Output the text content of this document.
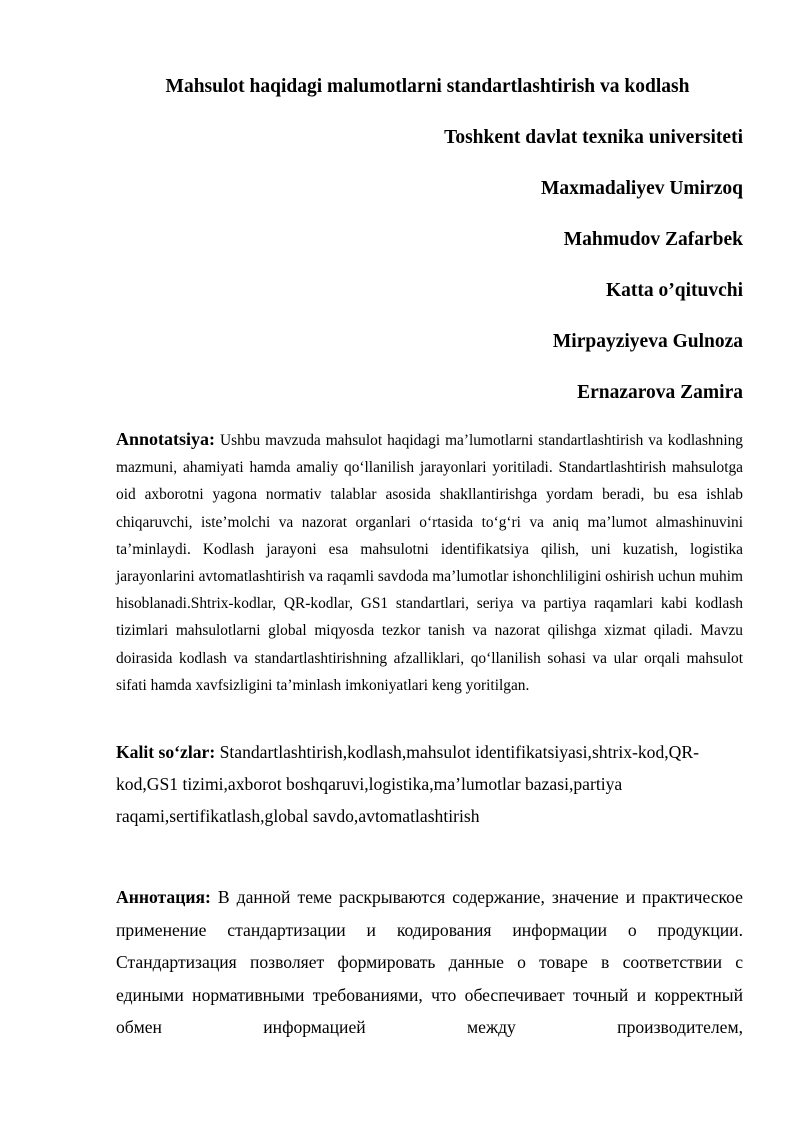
Mahsulot haqidagi malumotlarni standartlashtirish va kodlash
Toshkent davlat texnika universiteti
Maxmadaliyev Umirzoq
Mahmudov Zafarbek
Katta o’qituvchi
Mirpayziyeva Gulnoza
Ernazarova Zamira

Annotatsiya: Ushbu mavzuda mahsulot haqidagi ma’lumotlarni standartlashtirish va kodlashning mazmuni, ahamiyati hamda amaliy qo‘llanilish jarayonlari yoritiladi. Standartlashtirish mahsulotga oid axborotni yagona normativ talablar asosida shakllantirishga yordam beradi, bu esa ishlab chiqaruvchi, iste’molchi va nazorat organlari o‘rtasida to‘g‘ri va aniq ma’lumot almashinuvini ta’minlaydi. Kodlash jarayoni esa mahsulotni identifikatsiya qilish, uni kuzatish, logistika jarayonlarini avtomatlashtirish va raqamli savdoda ma’lumotlar ishonchliligini oshirish uchun muhim hisoblanadi.Shtrix-kodlar, QR-kodlar, GS1 standartlari, seriya va partiya raqamlari kabi kodlash tizimlari mahsulotlarni global miqyosda tezkor tanish va nazorat qilishga xizmat qiladi. Mavzu doirasida kodlash va standartlashtirishning afzalliklari, qo‘llanilish sohasi va ular orqali mahsulot sifati hamda xavfsizligini ta’minlash imkoniyatlari keng yoritilgan.

Kalit so‘zlar: Standartlashtirish,kodlash,mahsulot identifikatsiyasi,shtrix-kod,QR-kod,GS1 tizimi,axborot boshqaruvi,logistika,ma’lumotlar bazasi,partiya raqami,sertifikatlash,global savdo,avtomatlashtirish

Аннотация: В данной теме раскрываются содержание, значение и практическое применение стандартизации и кодирования информации о продукции. Стандартизация позволяет формировать данные о товаре в соответствии с едиными нормативными требованиями, что обеспечивает точный и корректный обмен информацией между производителем,
